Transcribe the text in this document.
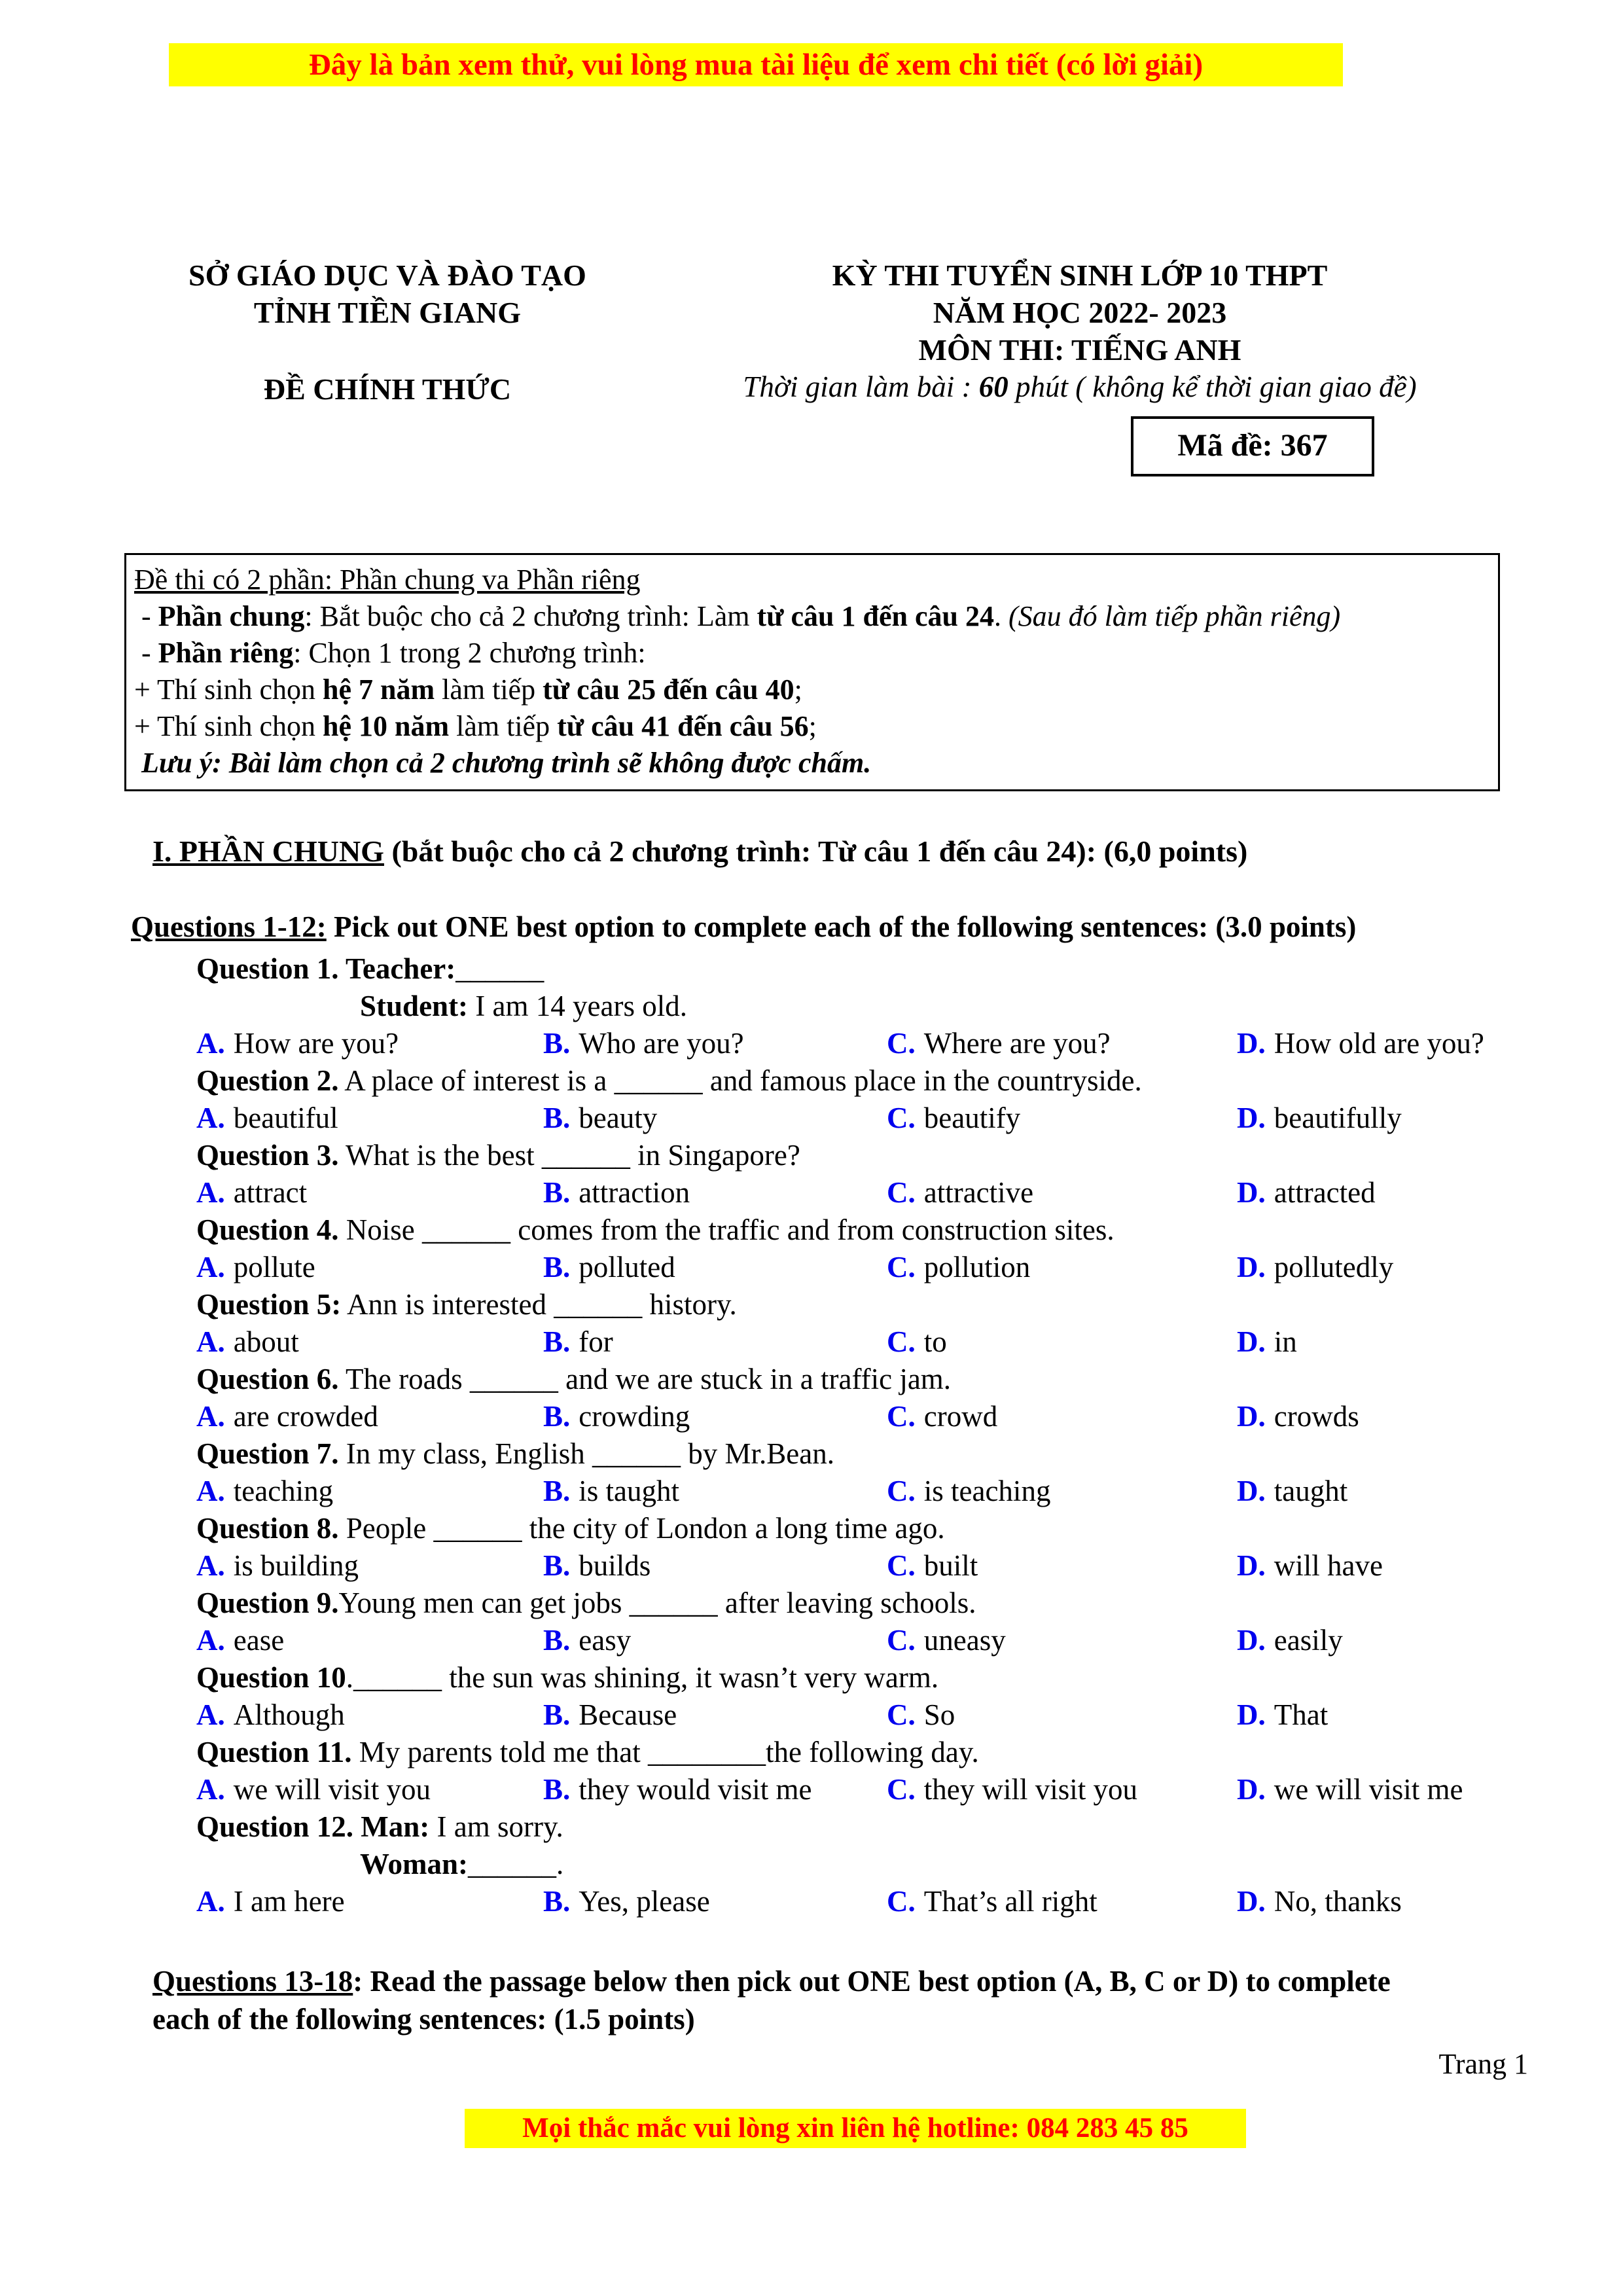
Đây là bản xem thử, vui lòng mua tài liệu để xem chi tiết (có lời giải)
SỞ GIÁO DỤC VÀ ĐÀO TẠO
TỈNH TIỀN GIANG
ĐỀ CHÍNH THỨC
KỲ THI TUYỂN SINH LỚP 10 THPT
NĂM HỌC 2022- 2023
MÔN THI: TIẾNG ANH
Thời gian làm bài : 60 phút ( không kể thời gian giao đề)
Mã đề: 367
Đề thi có 2 phần: Phần chung va Phần riêng
- Phần chung: Bắt buộc cho cả 2 chương trình: Làm từ câu 1 đến câu 24. (Sau đó làm tiếp phần riêng)
- Phần riêng: Chọn 1 trong 2 chương trình:
+ Thí sinh chọn hệ 7 năm làm tiếp từ câu 25 đến câu 40;
+ Thí sinh chọn hệ 10 năm làm tiếp từ câu 41 đến câu 56;
Lưu ý: Bài làm chọn cả 2 chương trình sẽ không được chấm.
I. PHẦN CHUNG (bắt buộc cho cả 2 chương trình: Từ câu 1 đến câu 24): (6,0 points)
Questions 1-12: Pick out ONE best option to complete each of the following sentences: (3.0 points)
Question 1. Teacher:______
Student: I am 14 years old.
A. How are you?	B. Who are you?	C. Where are you?	D. How old are you?
Question 2. A place of interest is a ______ and famous place in the countryside.
A. beautiful	B. beauty	C. beautify	D. beautifully
Question 3. What is the best ______ in Singapore?
A. attract	B. attraction	C. attractive	D. attracted
Question 4. Noise ______ comes from the traffic and from construction sites.
A. pollute	B. polluted	C. pollution	D. pollutedly
Question 5: Ann is interested ______ history.
A. about	B. for	C. to	D. in
Question 6. The roads ______ and we are stuck in a traffic jam.
A. are crowded	B. crowding	C. crowd	D. crowds
Question 7. In my class, English ______ by Mr.Bean.
A. teaching	B. is taught	C. is teaching	D. taught
Question 8. People ______ the city of London a long time ago.
A. is building	B. builds	C. built	D. will have
Question 9.Young men can get jobs ______ after leaving schools.
A. ease	B. easy	C. uneasy	D. easily
Question 10.______ the sun was shining, it wasn’t very warm.
A. Although	B. Because	C. So	D. That
Question 11. My parents told me that ________the following day.
A. we will visit you	B. they would visit me	C. they will visit you	D. we will visit me
Question 12. Man: I am sorry.
Woman:______.
A. I am here	B. Yes, please	C. That’s all right	D. No, thanks
Questions 13-18: Read the passage below then pick out ONE best option (A, B, C or D) to complete
each of the following sentences: (1.5 points)
Trang 1
Mọi thắc mắc vui lòng xin liên hệ hotline: 084 283 45 85
